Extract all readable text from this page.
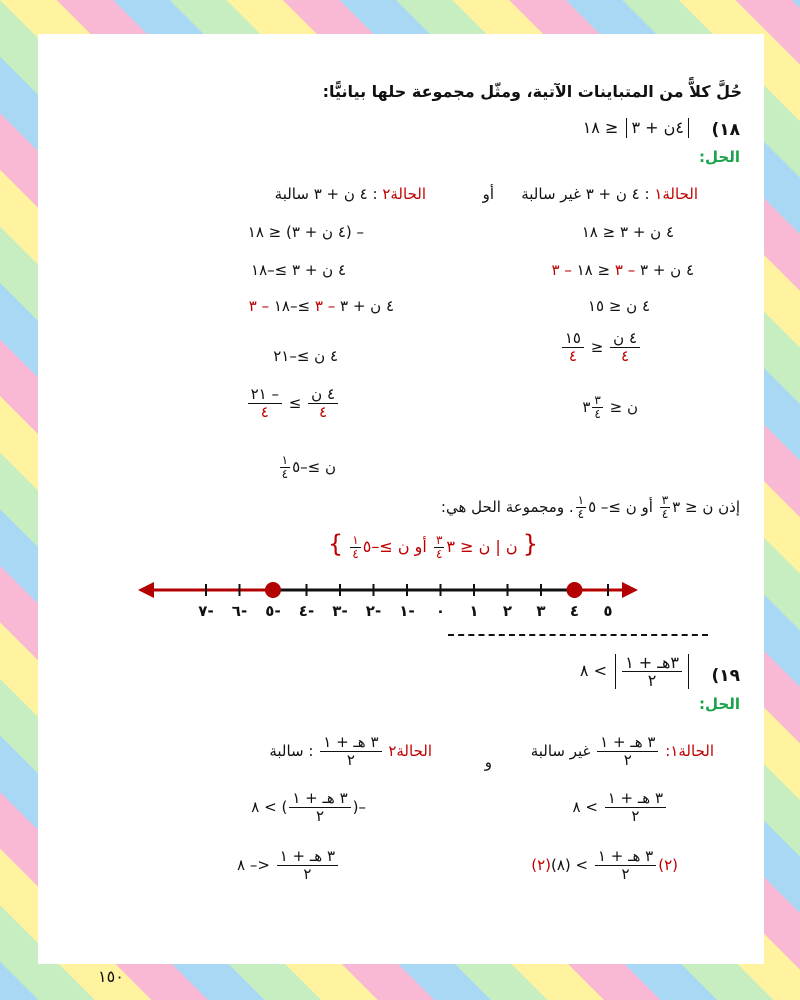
حُلَّ كلاًّ من المتباينات الآتية، ومثّل مجموعة حلها بيانيًّا:
١٨)
٤ن + ٣ ≤ ١٨
الحل:
الحالة١ : ٤ ن + ٣ غير سالبة
أو
الحالة٢ : ٤ ن + ٣ سالبة
٤ ن + ٣ ≤ ١٨
٤ ن + ٣ – ٣ ≤ ١٨ – ٣
٤ ن ≤ ١٥
$\frac{\text{٤ ن}}{٤}$
≤
$\frac{١٥}{٤}$
ن ≤
$\frac{٣}{٤}$
٣
– (٤ ن + ٣) ≤ ١٨
٤ ن + ٣ ≥–١٨
٤ ن + ٣ – ٣ ≥–١٨ – ٣
٤ ن ≥–٢١
$\frac{\text{٤ ن}}{٤}$
≥
$\frac{- ٢١}{٤}$
ن ≥–٥
$\frac{١}{٤}$
إذن ن ≤ ٣
$\frac{٣}{٤}$
أو ن ≥– ٥
$\frac{١}{٤}$
. ومجموعة الحل هي:
{ ن | ن ≤ ٣
$\frac{٣}{٤}$
أو ن ≥–٥
$\frac{١}{٤}$
}
١٩)
$\frac{\text{٣هـ + ١}}{٢}$
> ٨
الحل:
الحالة١:
$\frac{\text{٣ هـ + ١}}{٢}$
غير سالبة
و
الحالة٢
$\frac{\text{٣ هـ + ١}}{٢}$
: سالبة
$\frac{\text{٣ هـ + ١}}{٢}$
> ٨
(٢)
$\frac{\text{٣ هـ + ١}}{٢}$
> (٨)(٢)
–(
$\frac{\text{٣ هـ + ١}}{٢}$
) > ٨
$\frac{\text{٣ هـ + ١}}{٢}$
<– ٨
١٥٠
٧- ٦- ٥- ٤- ٣- ٢- ١- ٠ ١ ٢ ٣ ٤ ٥
